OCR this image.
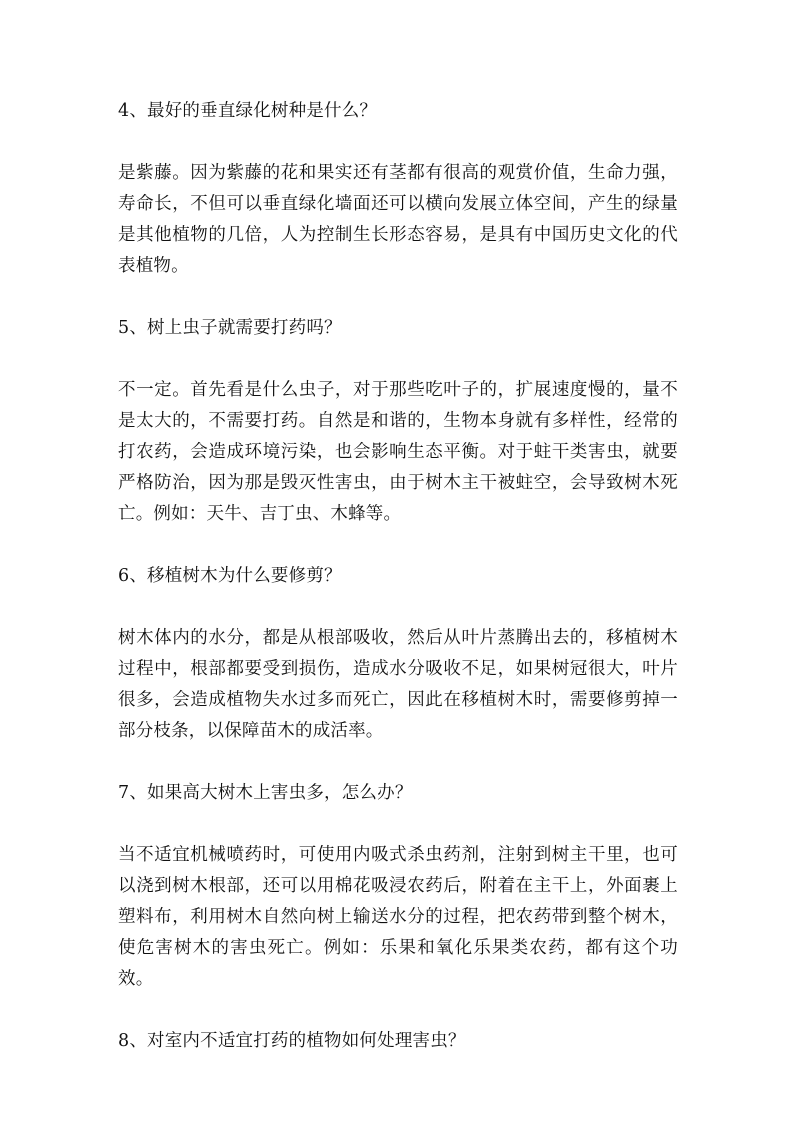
4、最好的垂直绿化树种是什么？

是紫藤。因为紫藤的花和果实还有茎都有很高的观赏价值，生命力强，寿命长，不但可以垂直绿化墙面还可以横向发展立体空间，产生的绿量是其他植物的几倍，人为控制生长形态容易，是具有中国历史文化的代表植物。

5、树上虫子就需要打药吗？

不一定。首先看是什么虫子，对于那些吃叶子的，扩展速度慢的，量不是太大的，不需要打药。自然是和谐的，生物本身就有多样性，经常的打农药，会造成环境污染，也会影响生态平衡。对于蛀干类害虫，就要严格防治，因为那是毁灭性害虫，由于树木主干被蛀空，会导致树木死亡。例如：天牛、吉丁虫、木蜂等。

6、移植树木为什么要修剪？

树木体内的水分，都是从根部吸收，然后从叶片蒸腾出去的，移植树木过程中，根部都要受到损伤，造成水分吸收不足，如果树冠很大，叶片很多，会造成植物失水过多而死亡，因此在移植树木时，需要修剪掉一部分枝条，以保障苗木的成活率。

7、如果高大树木上害虫多，怎么办？

当不适宜机械喷药时，可使用内吸式杀虫药剂，注射到树主干里，也可以浇到树木根部，还可以用棉花吸浸农药后，附着在主干上，外面裹上塑料布，利用树木自然向树上输送水分的过程，把农药带到整个树木，使危害树木的害虫死亡。例如：乐果和氧化乐果类农药，都有这个功效。

8、对室内不适宜打药的植物如何处理害虫？
